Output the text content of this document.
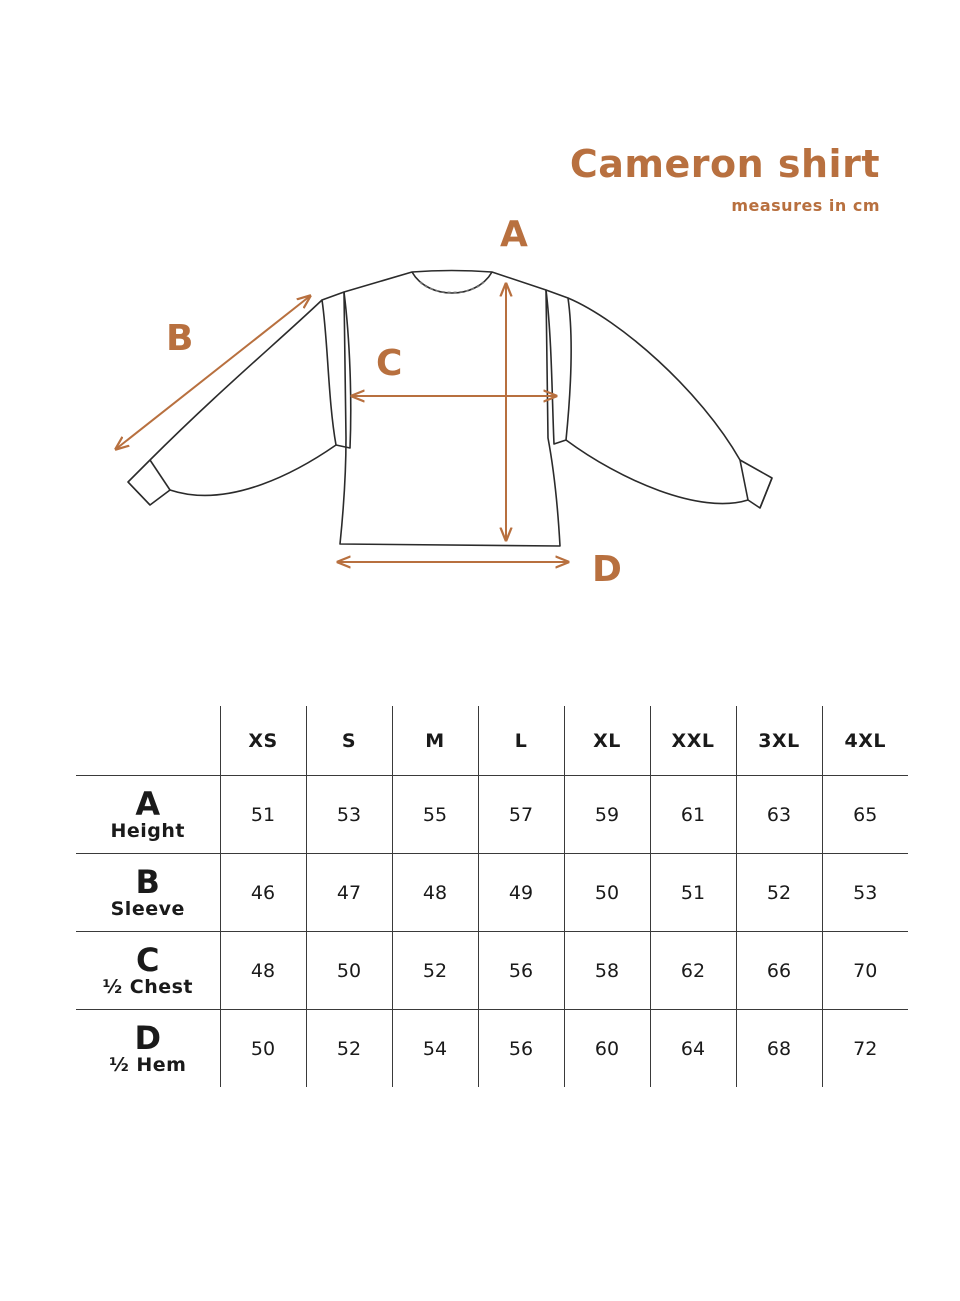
Cameron shirt
measures in cm
A
B
C
D
	XS	S	M	L	XL	XXL	3XL	4XL

A
Height	51	53	55	57	59	61	63	65

B
Sleeve	46	47	48	49	50	51	52	53

C
½ Chest	48	50	52	56	58	62	66	70

D
½ Hem	50	52	54	56	60	64	68	72
